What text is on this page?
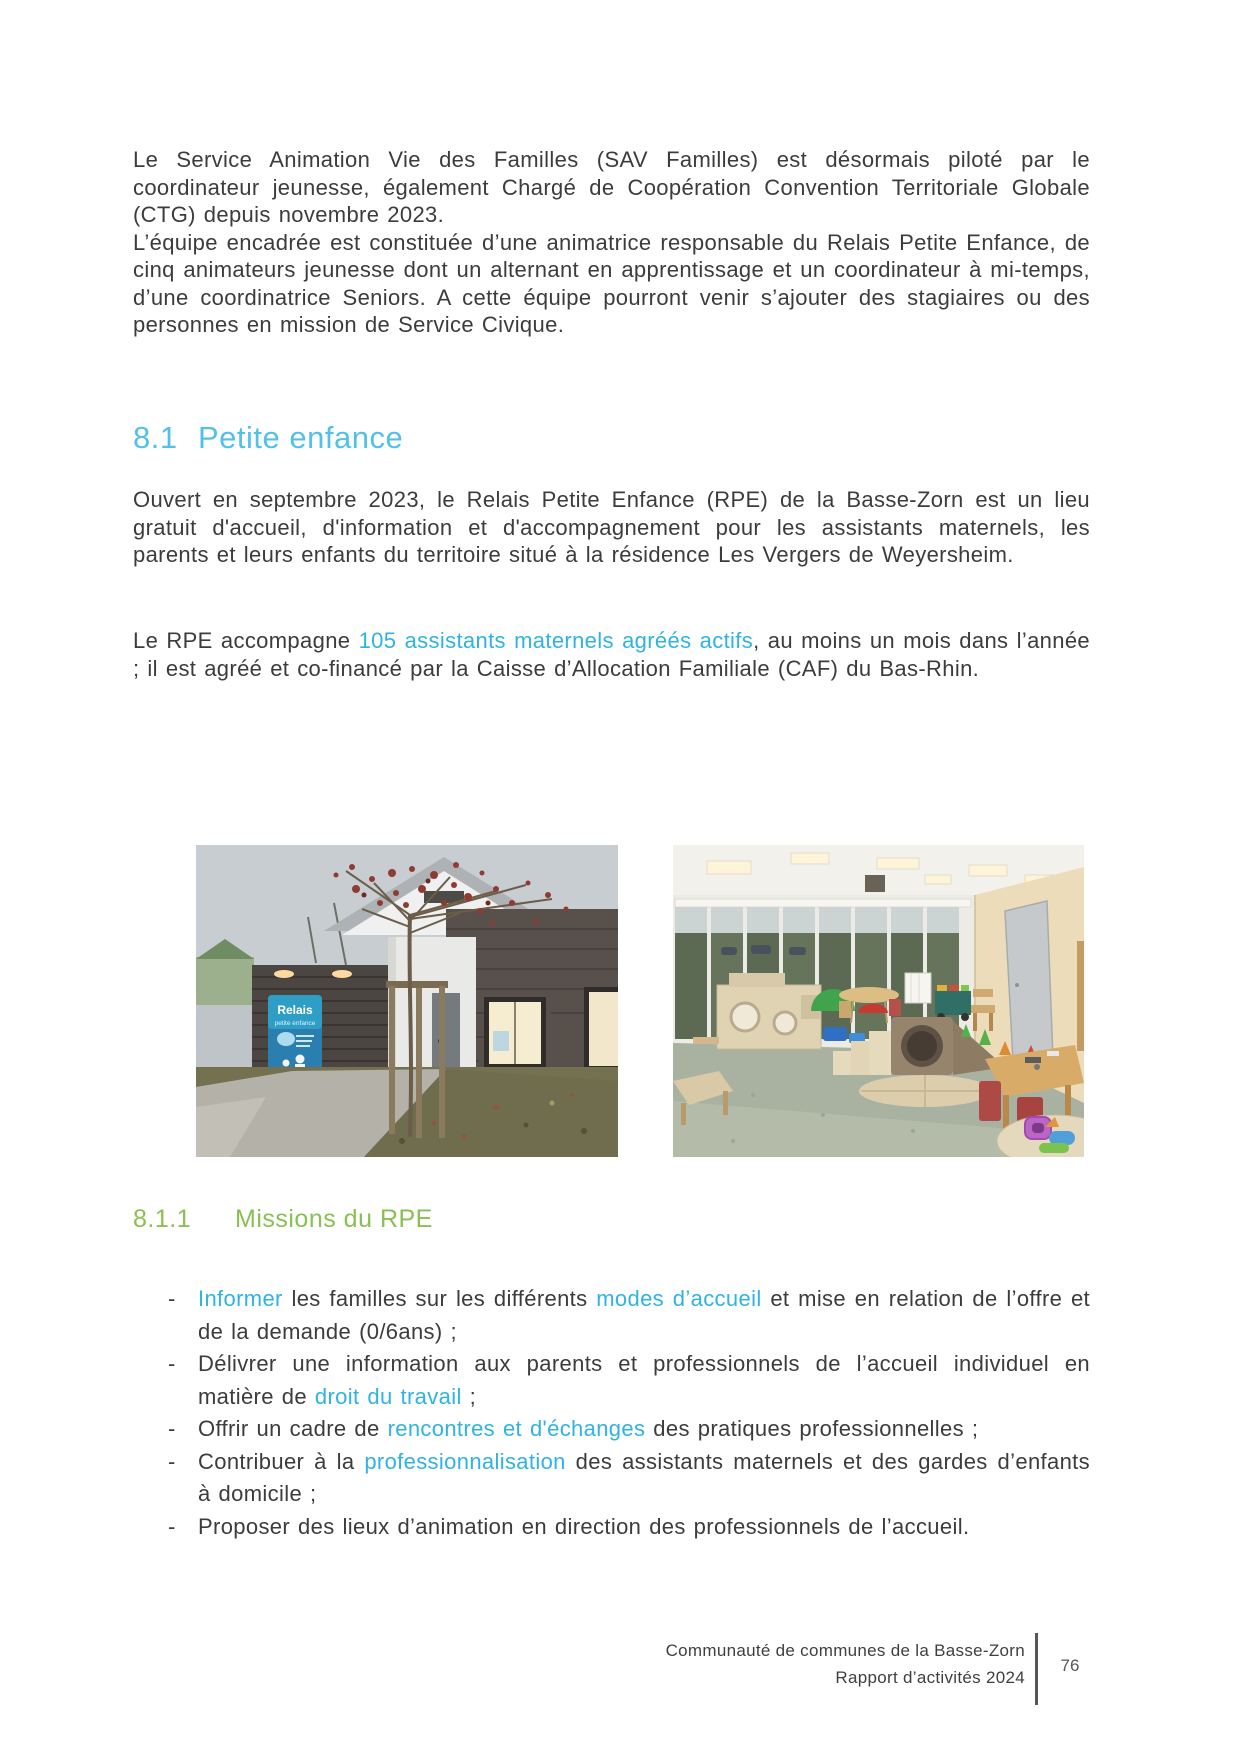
Le Service Animation Vie des Familles (SAV Familles) est désormais piloté par le coordinateur jeunesse, également Chargé de Coopération Convention Territoriale Globale (CTG) depuis novembre 2023.

L’équipe encadrée est constituée d’une animatrice responsable du Relais Petite Enfance, de cinq animateurs jeunesse dont un alternant en apprentissage et un coordinateur à mi-temps, d’une coordinatrice Seniors. A cette équipe pourront venir s’ajouter des stagiaires ou des personnes en mission de Service Civique.

8.1 Petite enfance

Ouvert en septembre 2023, le Relais Petite Enfance (RPE) de la Basse-Zorn est un lieu gratuit d'accueil, d'information et d'accompagnement pour les assistants maternels, les parents et leurs enfants du territoire situé à la résidence Les Vergers de Weyersheim.

Le RPE accompagne 105 assistants maternels agréés actifs, au moins un mois dans l’année ; il est agréé et co-financé par la Caisse d’Allocation Familiale (CAF) du Bas-Rhin.

Relais
petite enfance
8.1.1 Missions du RPE
- Informer les familles sur les différents modes d’accueil et mise en relation de l’offre et de la demande (0/6ans) ;
- Délivrer une information aux parents et professionnels de l’accueil individuel en matière de droit du travail ;
- Offrir un cadre de rencontres et d'échanges des pratiques professionnelles ;
- Contribuer à la professionnalisation des assistants maternels et des gardes d’enfants à domicile ;
- Proposer des lieux d’animation en direction des professionnels de l’accueil.
Communauté de communes de la Basse-Zorn
Rapport d’activités 2024
76
